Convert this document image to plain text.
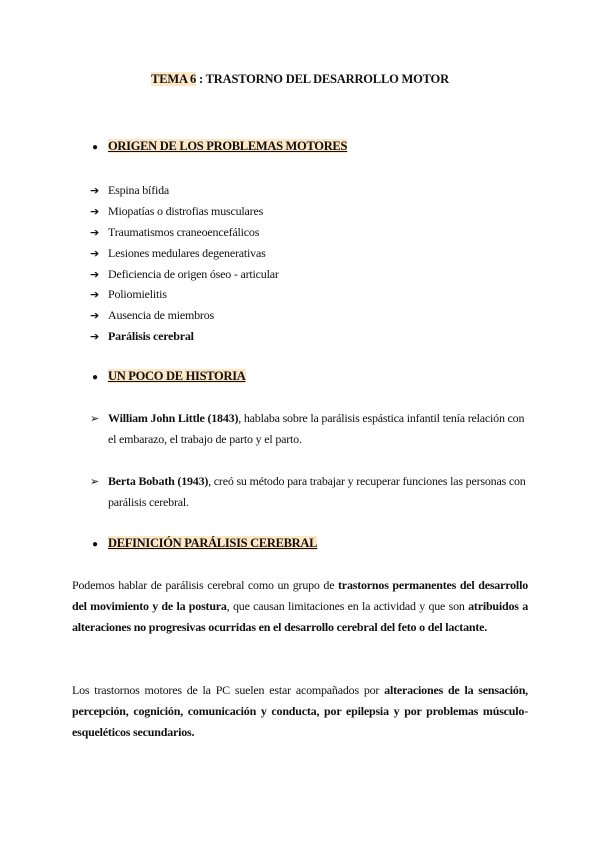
TEMA 6 : TRASTORNO DEL DESARROLLO MOTOR
● ORIGEN DE LOS PROBLEMAS MOTORES
➔ Espina bífida
➔ Miopatías o distrofias musculares
➔ Traumatismos craneoencefálicos
➔ Lesiones medulares degenerativas
➔ Deficiencia de origen óseo - articular
➔ Poliomielitis
➔ Ausencia de miembros
➔ Parálisis cerebral
● UN POCO DE HISTORIA
➢ William John Little (1843), hablaba sobre la parálisis espástica infantil tenía relación con el embarazo, el trabajo de parto y el parto.
➢ Berta Bobath (1943), creó su método para trabajar y recuperar funciones las personas con parálisis cerebral.
● DEFINICIÓN PARÁLISIS CEREBRAL
Podemos hablar de parálisis cerebral como un grupo de trastornos permanentes del desarrollo del movimiento y de la postura, que causan limitaciones en la actividad y que son atribuidos a alteraciones no progresivas ocurridas en el desarrollo cerebral del feto o del lactante.
Los trastornos motores de la PC suelen estar acompañados por alteraciones de la sensación, percepción, cognición, comunicación y conducta, por epilepsia y por problemas músculo-esqueléticos secundarios.
